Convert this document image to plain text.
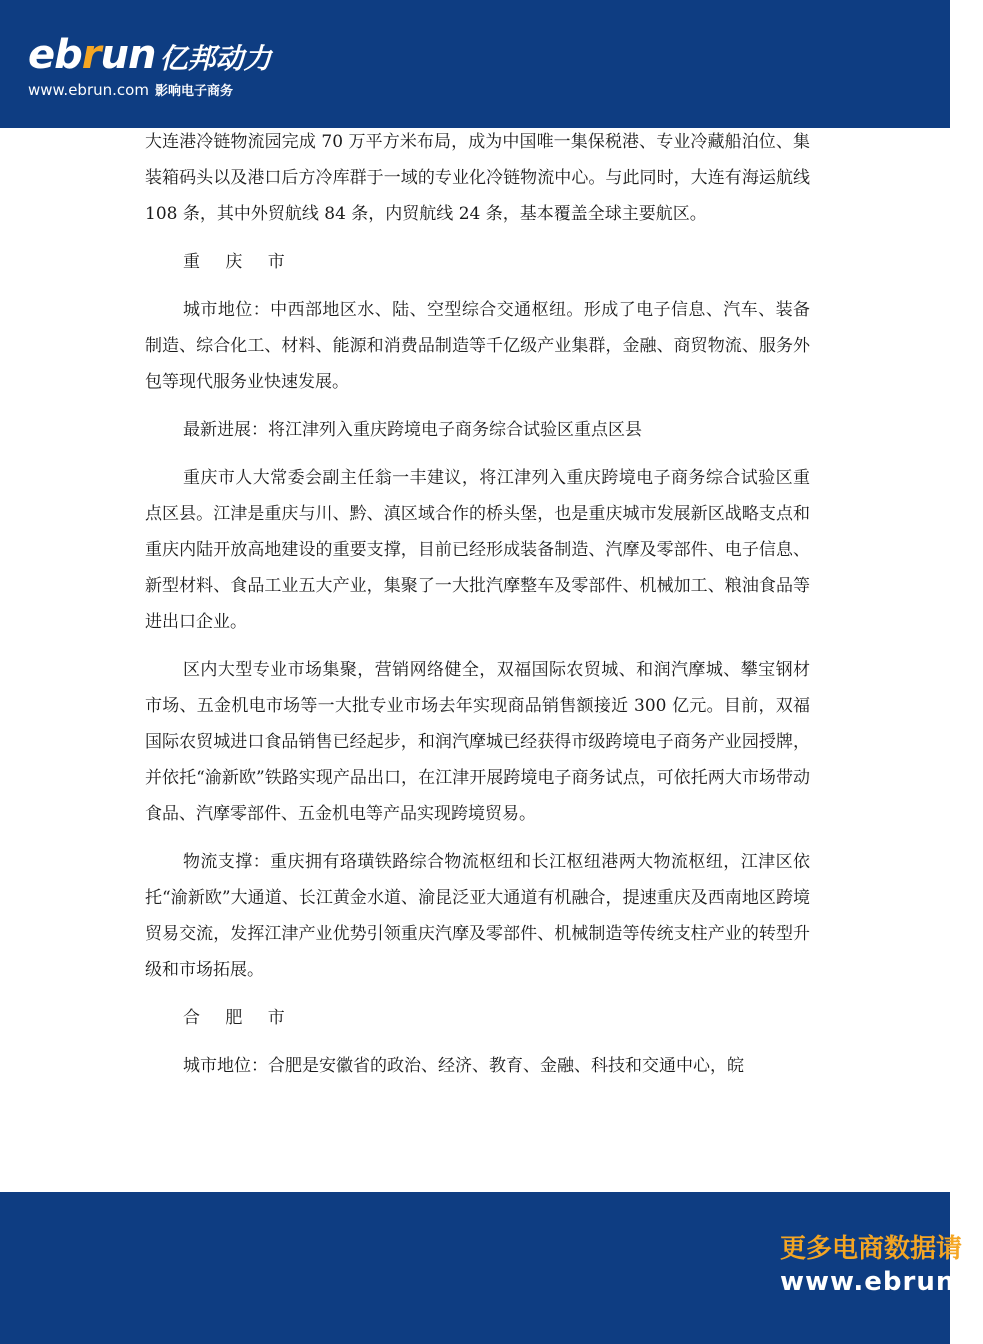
ebrun 亿邦动力
www.ebrun.com 影响电子商务

大连港冷链物流园完成 70 万平方米布局，成为中国唯一集保税港、专业冷藏船泊位、集装箱码头以及港口后方冷库群于一域的专业化冷链物流中心。与此同时，大连有海运航线 108 条，其中外贸航线 84 条，内贸航线 24 条，基本覆盖全球主要航区。

重 庆 市

城市地位：中西部地区水、陆、空型综合交通枢纽。形成了电子信息、汽车、装备制造、综合化工、材料、能源和消费品制造等千亿级产业集群，金融、商贸物流、服务外包等现代服务业快速发展。

最新进展：将江津列入重庆跨境电子商务综合试验区重点区县

重庆市人大常委会副主任翁一丰建议，将江津列入重庆跨境电子商务综合试验区重点区县。江津是重庆与川、黔、滇区域合作的桥头堡，也是重庆城市发展新区战略支点和重庆内陆开放高地建设的重要支撑，目前已经形成装备制造、汽摩及零部件、电子信息、新型材料、食品工业五大产业，集聚了一大批汽摩整车及零部件、机械加工、粮油食品等进出口企业。

区内大型专业市场集聚，营销网络健全，双福国际农贸城、和润汽摩城、攀宝钢材市场、五金机电市场等一大批专业市场去年实现商品销售额接近 300 亿元。目前，双福国际农贸城进口食品销售已经起步，和润汽摩城已经获得市级跨境电子商务产业园授牌，并依托“渝新欧”铁路实现产品出口，在江津开展跨境电子商务试点，可依托两大市场带动食品、汽摩零部件、五金机电等产品实现跨境贸易。

物流支撑：重庆拥有珞璜铁路综合物流枢纽和长江枢纽港两大物流枢纽，江津区依托“渝新欧”大通道、长江黄金水道、渝昆泛亚大通道有机融合，提速重庆及西南地区跨境贸易交流，发挥江津产业优势引领重庆汽摩及零部件、机械制造等传统支柱产业的转型升级和市场拓展。

合 肥 市

城市地位：合肥是安徽省的政治、经济、教育、金融、科技和交通中心，皖

更多电商数据请
www.ebrun.c
